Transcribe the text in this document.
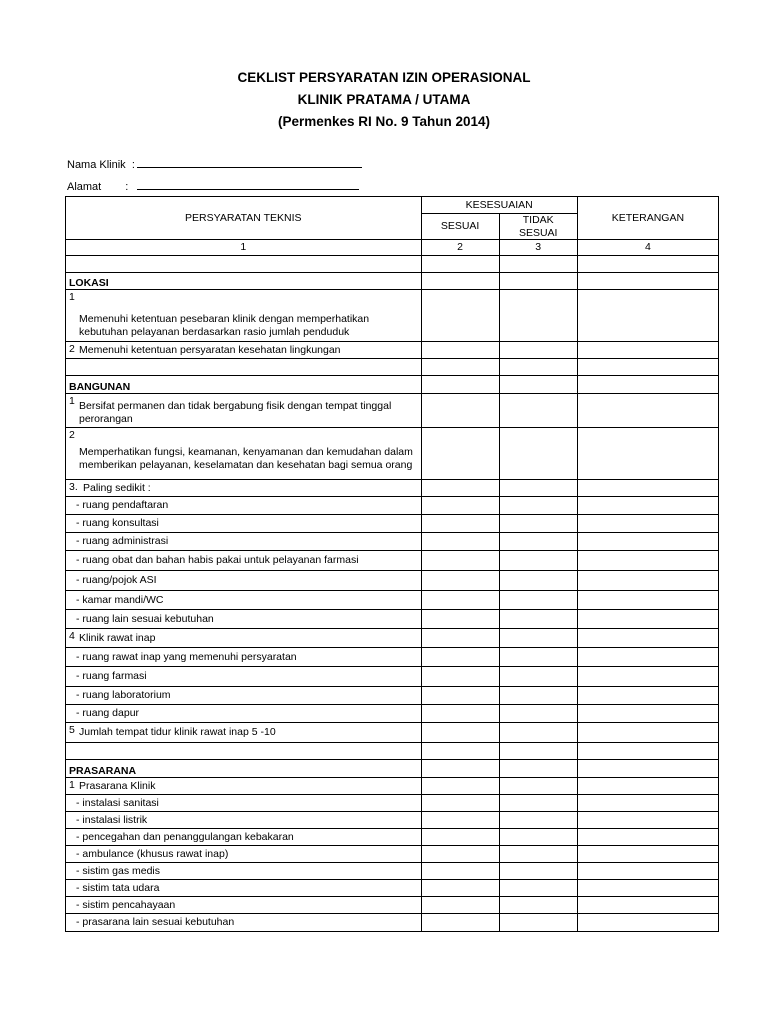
CEKLIST PERSYARATAN IZIN OPERASIONAL
KLINIK PRATAMA / UTAMA
(Permenkes RI No. 9 Tahun 2014)
Nama Klinik :
Alamat :
PERSYARATAN TEKNIS	KESESUAIAN		KETERANGAN
	SESUAI	TIDAK SESUAI	
1	2	3	4

LOKASI			

1
Memenuhi ketentuan pesebaran klinik dengan memperhatikan kebutuhan pelayanan berdasarkan rasio jumlah penduduk			

2 Memenuhi ketentuan persyaratan kesehatan lingkungan			

BANGUNAN			

1 Bersifat permanen dan tidak bergabung fisik dengan tempat tinggal perorangan			

2
Memperhatikan fungsi, keamanan, kenyamanan dan kemudahan dalam memberikan pelayanan, keselamatan dan kesehatan bagi semua orang			

3. Paling sedikit :			

- ruang pendaftaran			
- ruang konsultasi			
- ruang administrasi			
- ruang obat dan bahan habis pakai untuk pelayanan farmasi			
- ruang/pojok ASI			
- kamar mandi/WC			
- ruang lain sesuai kebutuhan			

4 Klinik rawat inap			

- ruang rawat inap yang memenuhi persyaratan			
- ruang farmasi			
- ruang laboratorium			
- ruang dapur			

5 Jumlah tempat tidur klinik rawat inap 5 -10			

PRASARANA			

1 Prasarana Klinik			

- instalasi sanitasi			
- instalasi listrik			
- pencegahan dan penanggulangan kebakaran			
- ambulance (khusus rawat inap)			
- sistim gas medis			
- sistim tata udara			
- sistim pencahayaan			
- prasarana lain sesuai kebutuhan			
